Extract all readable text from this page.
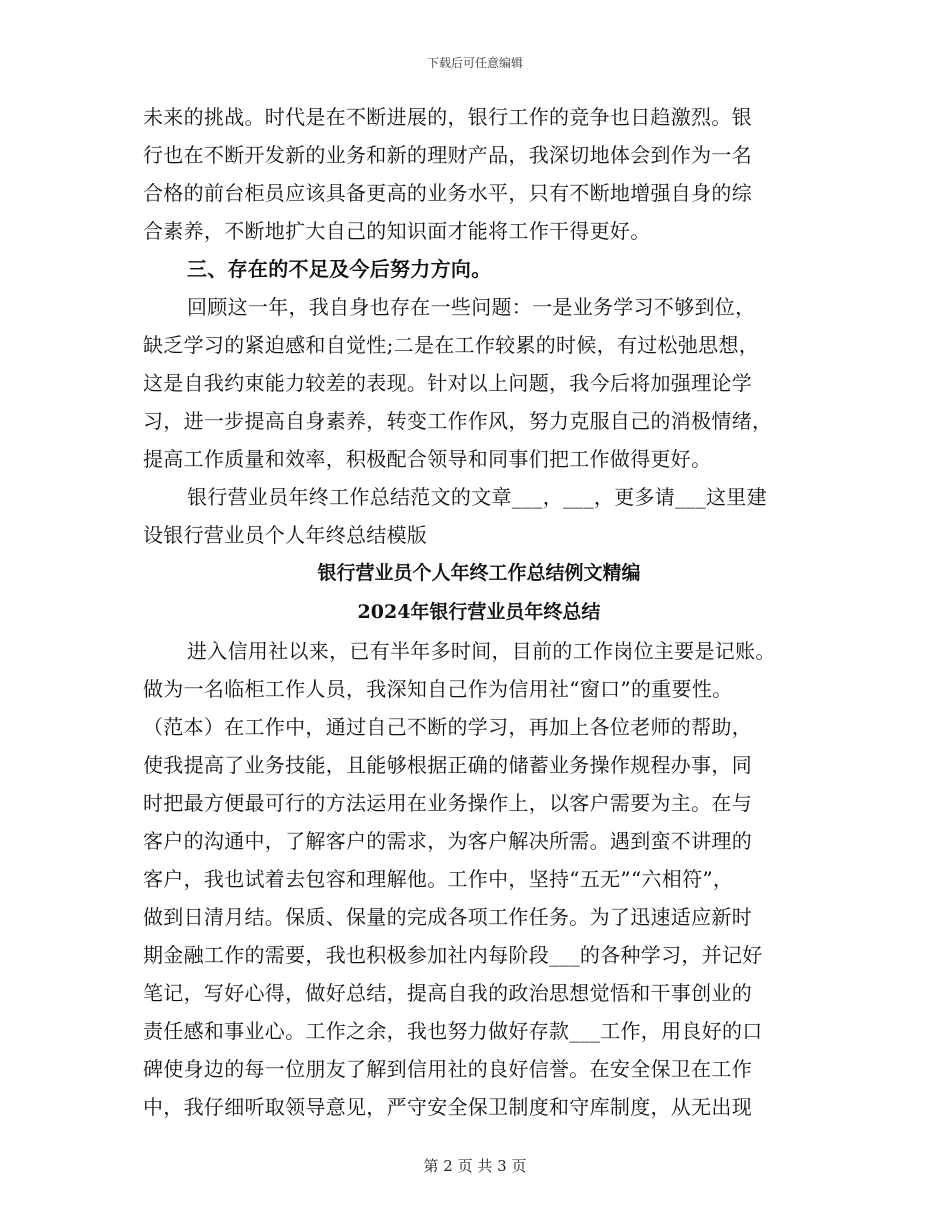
下载后可任意编辑
未来的挑战。时代是在不断进展的，银行工作的竞争也日趋激烈。银
行也在不断开发新的业务和新的理财产品，我深切地体会到作为一名
合格的前台柜员应该具备更高的业务水平，只有不断地增强自身的综
合素养，不断地扩大自己的知识面才能将工作干得更好。
三、存在的不足及今后努力方向。
回顾这一年，我自身也存在一些问题：一是业务学习不够到位，
缺乏学习的紧迫感和自觉性;二是在工作较累的时候，有过松弛思想，
这是自我约束能力较差的表现。针对以上问题，我今后将加强理论学
习，进一步提高自身素养，转变工作作风，努力克服自己的消极情绪，
提高工作质量和效率，积极配合领导和同事们把工作做得更好。
银行营业员年终工作总结范文的文章___，___，更多请___这里建
设银行营业员个人年终总结模版
银行营业员个人年终工作总结例文精编
2024年银行营业员年终总结
进入信用社以来，已有半年多时间，目前的工作岗位主要是记账。
做为一名临柜工作人员，我深知自己作为信用社“窗口”的重要性。
（范本）在工作中，通过自己不断的学习，再加上各位老师的帮助，
使我提高了业务技能，且能够根据正确的储蓄业务操作规程办事，同
时把最方便最可行的方法运用在业务操作上，以客户需要为主。在与
客户的沟通中，了解客户的需求，为客户解决所需。遇到蛮不讲理的
客户，我也试着去包容和理解他。工作中，坚持“五无”“六相符”，
做到日清月结。保质、保量的完成各项工作任务。为了迅速适应新时
期金融工作的需要，我也积极参加社内每阶段___的各种学习，并记好
笔记，写好心得，做好总结，提高自我的政治思想觉悟和干事创业的
责任感和事业心。工作之余，我也努力做好存款___工作，用良好的口
碑使身边的每一位朋友了解到信用社的良好信誉。在安全保卫在工作
中，我仔细听取领导意见，严守安全保卫制度和守库制度，从无出现
第 2 页 共 3 页
